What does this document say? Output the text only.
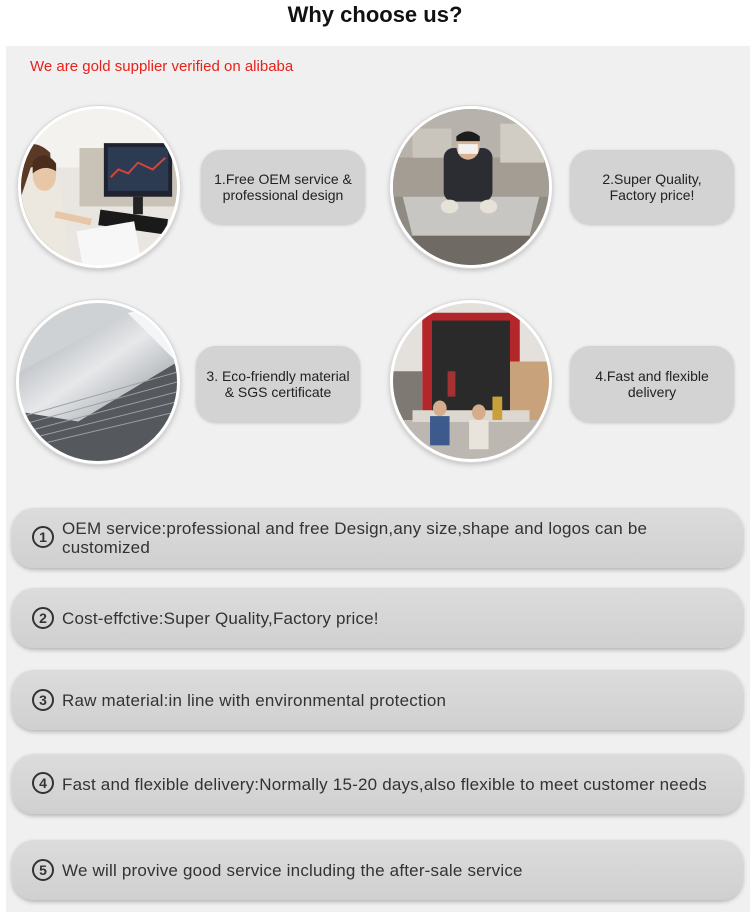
Why choose us?
We are gold supplier verified on alibaba
1.Free OEM service &
professional design
2.Super Quality,
Factory price!
3. Eco-friendly material
& SGS certificate
4.Fast and flexible
delivery
1 OEM service:professional and free Design,any size,shape and logos can be customized
2 Cost-effctive:Super Quality,Factory price!
3 Raw material:in line with environmental protection
4 Fast and flexible delivery:Normally 15-20 days,also flexible to meet customer needs
5 We will provive good service including the after-sale service
